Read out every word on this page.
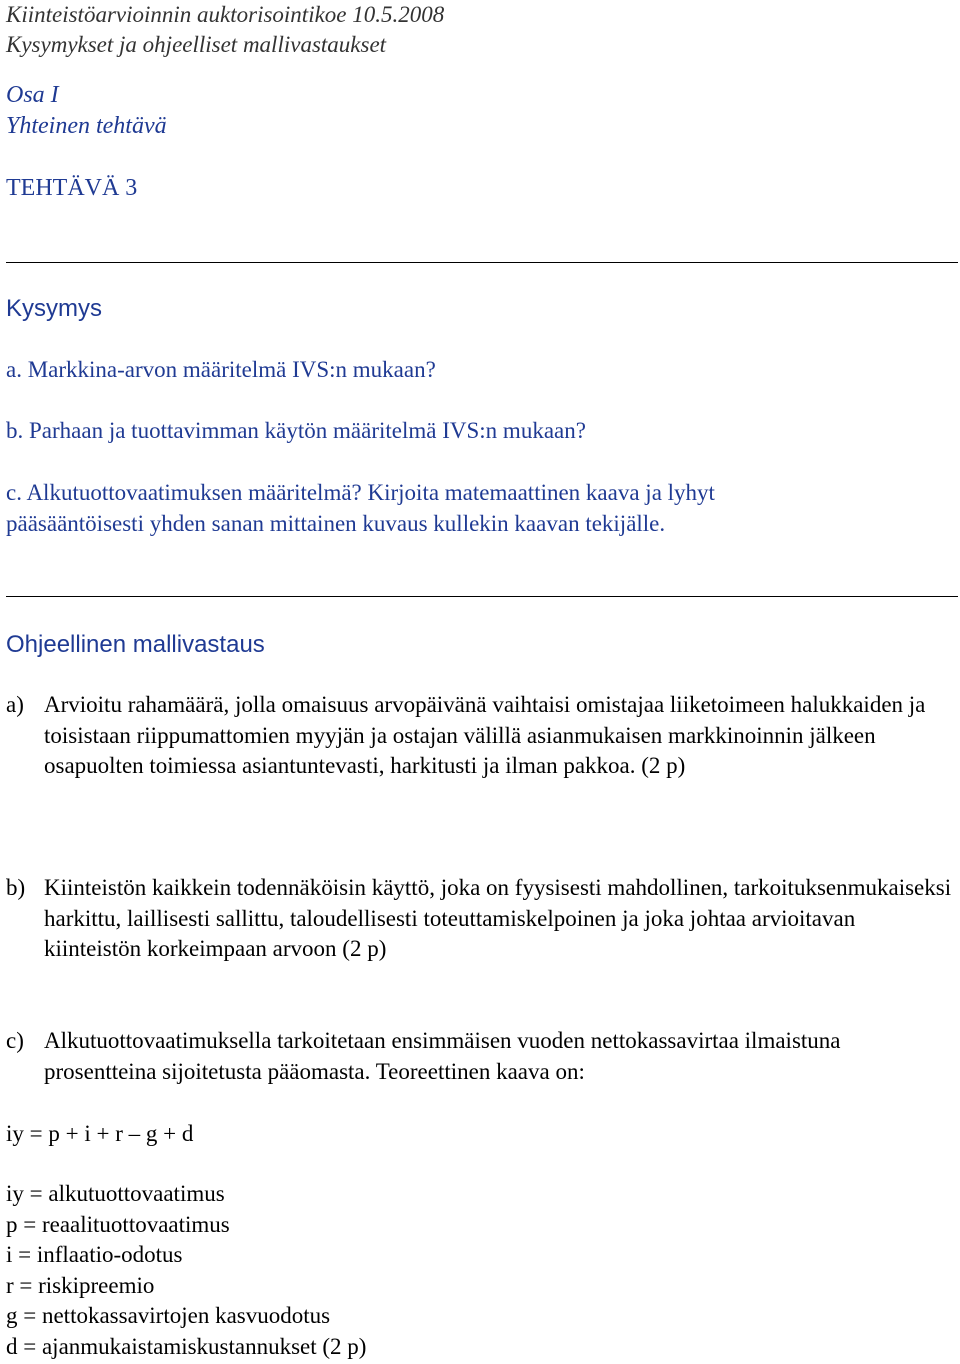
Kiinteistöarvioinnin auktorisointikoe 10.5.2008
Kysymykset ja ohjeelliset mallivastaukset
Osa I
Yhteinen tehtävä
TEHTÄVÄ 3
Kysymys
a. Markkina-arvon määritelmä IVS:n mukaan?
b. Parhaan ja tuottavimman käytön määritelmä IVS:n mukaan?
c. Alkutuottovaatimuksen määritelmä? Kirjoita matemaattinen kaava ja lyhyt
pääsääntöisesti yhden sanan mittainen kuvaus kullekin kaavan tekijälle.
Ohjeellinen mallivastaus
a) Arvioitu rahamäärä, jolla omaisuus arvopäivänä vaihtaisi omistajaa liiketoimeen halukkaiden ja toisistaan riippumattomien myyjän ja ostajan välillä asianmukaisen markkinoinnin jälkeen osapuolten toimiessa asiantuntevasti, harkitusti ja ilman pakkoa. (2 p)
b) Kiinteistön kaikkein todennäköisin käyttö, joka on fyysisesti mahdollinen, tarkoituksenmukaiseksi harkittu, laillisesti sallittu, taloudellisesti toteuttamiskelpoinen ja joka johtaa arvioitavan kiinteistön korkeimpaan arvoon (2 p)
c) Alkutuottovaatimuksella tarkoitetaan ensimmäisen vuoden nettokassavirtaa ilmaistuna prosentteina sijoitetusta pääomasta. Teoreettinen kaava on:
iy = p + i + r – g + d
iy = alkutuottovaatimus
p = reaalituottovaatimus
i = inflaatio-odotus
r = riskipreemio
g = nettokassavirtojen kasvuodotus
d = ajanmukaistamiskustannukset (2 p)
